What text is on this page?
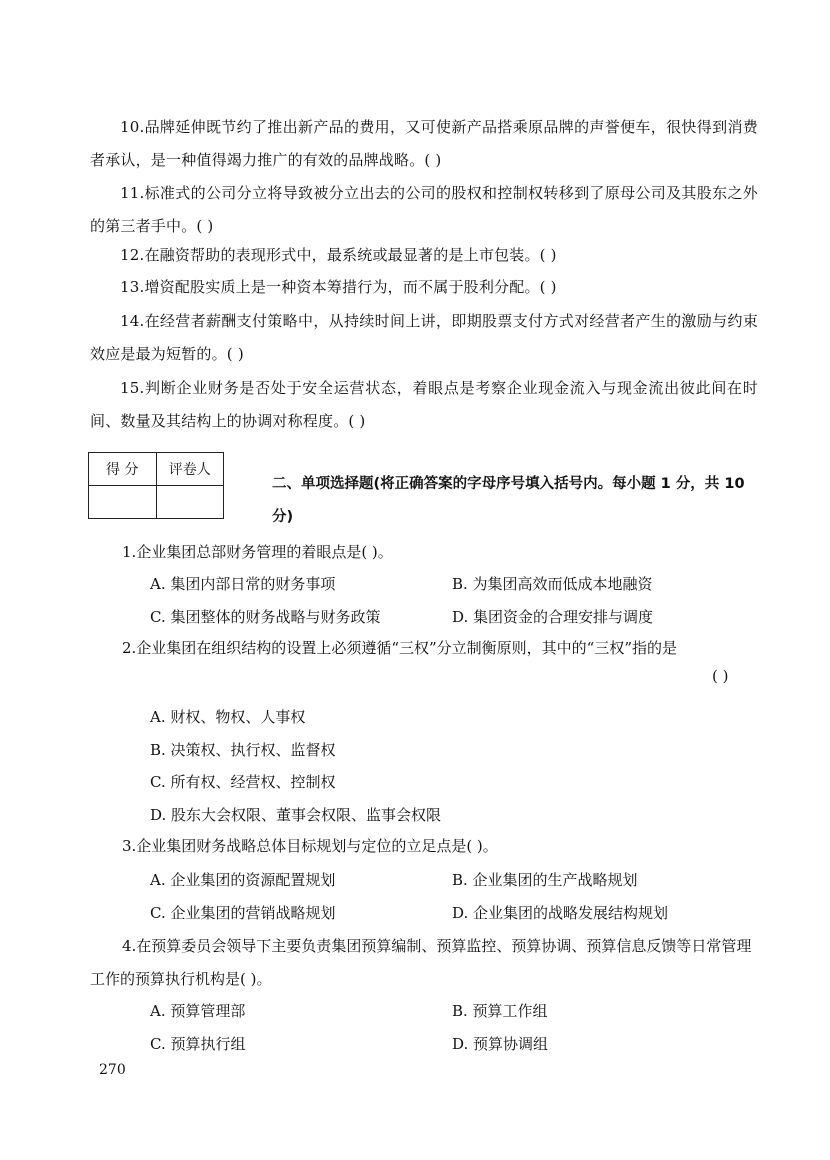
10.品牌延伸既节约了推出新产品的费用，又可使新产品搭乘原品牌的声誉便车，很快得到消费者承认，是一种值得竭力推广的有效的品牌战略。( )
11.标准式的公司分立将导致被分立出去的公司的股权和控制权转移到了原母公司及其股东之外的第三者手中。( )
12.在融资帮助的表现形式中，最系统或最显著的是上市包装。( )
13.增资配股实质上是一种资本筹措行为，而不属于股利分配。( )
14.在经营者薪酬支付策略中，从持续时间上讲，即期股票支付方式对经营者产生的激励与约束效应是最为短暂的。( )
15.判断企业财务是否处于安全运营状态，着眼点是考察企业现金流入与现金流出彼此间在时间、数量及其结构上的协调对称程度。( )
得 分	评卷人

二、单项选择题(将正确答案的字母序号填入括号内。每小题 1 分，共 10 分)
1.企业集团总部财务管理的着眼点是( )。
A. 集团内部日常的财务事项	B. 为集团高效而低成本地融资
C. 集团整体的财务战略与财务政策	D. 集团资金的合理安排与调度
2.企业集团在组织结构的设置上必须遵循“三权”分立制衡原则，其中的“三权”指的是
( )
A. 财权、物权、人事权
B. 决策权、执行权、监督权
C. 所有权、经营权、控制权
D. 股东大会权限、董事会权限、监事会权限
3.企业集团财务战略总体目标规划与定位的立足点是( )。
A. 企业集团的资源配置规划	B. 企业集团的生产战略规划
C. 企业集团的营销战略规划	D. 企业集团的战略发展结构规划
4.在预算委员会领导下主要负责集团预算编制、预算监控、预算协调、预算信息反馈等日常管理工作的预算执行机构是( )。
A. 预算管理部	B. 预算工作组
C. 预算执行组	D. 预算协调组
270
